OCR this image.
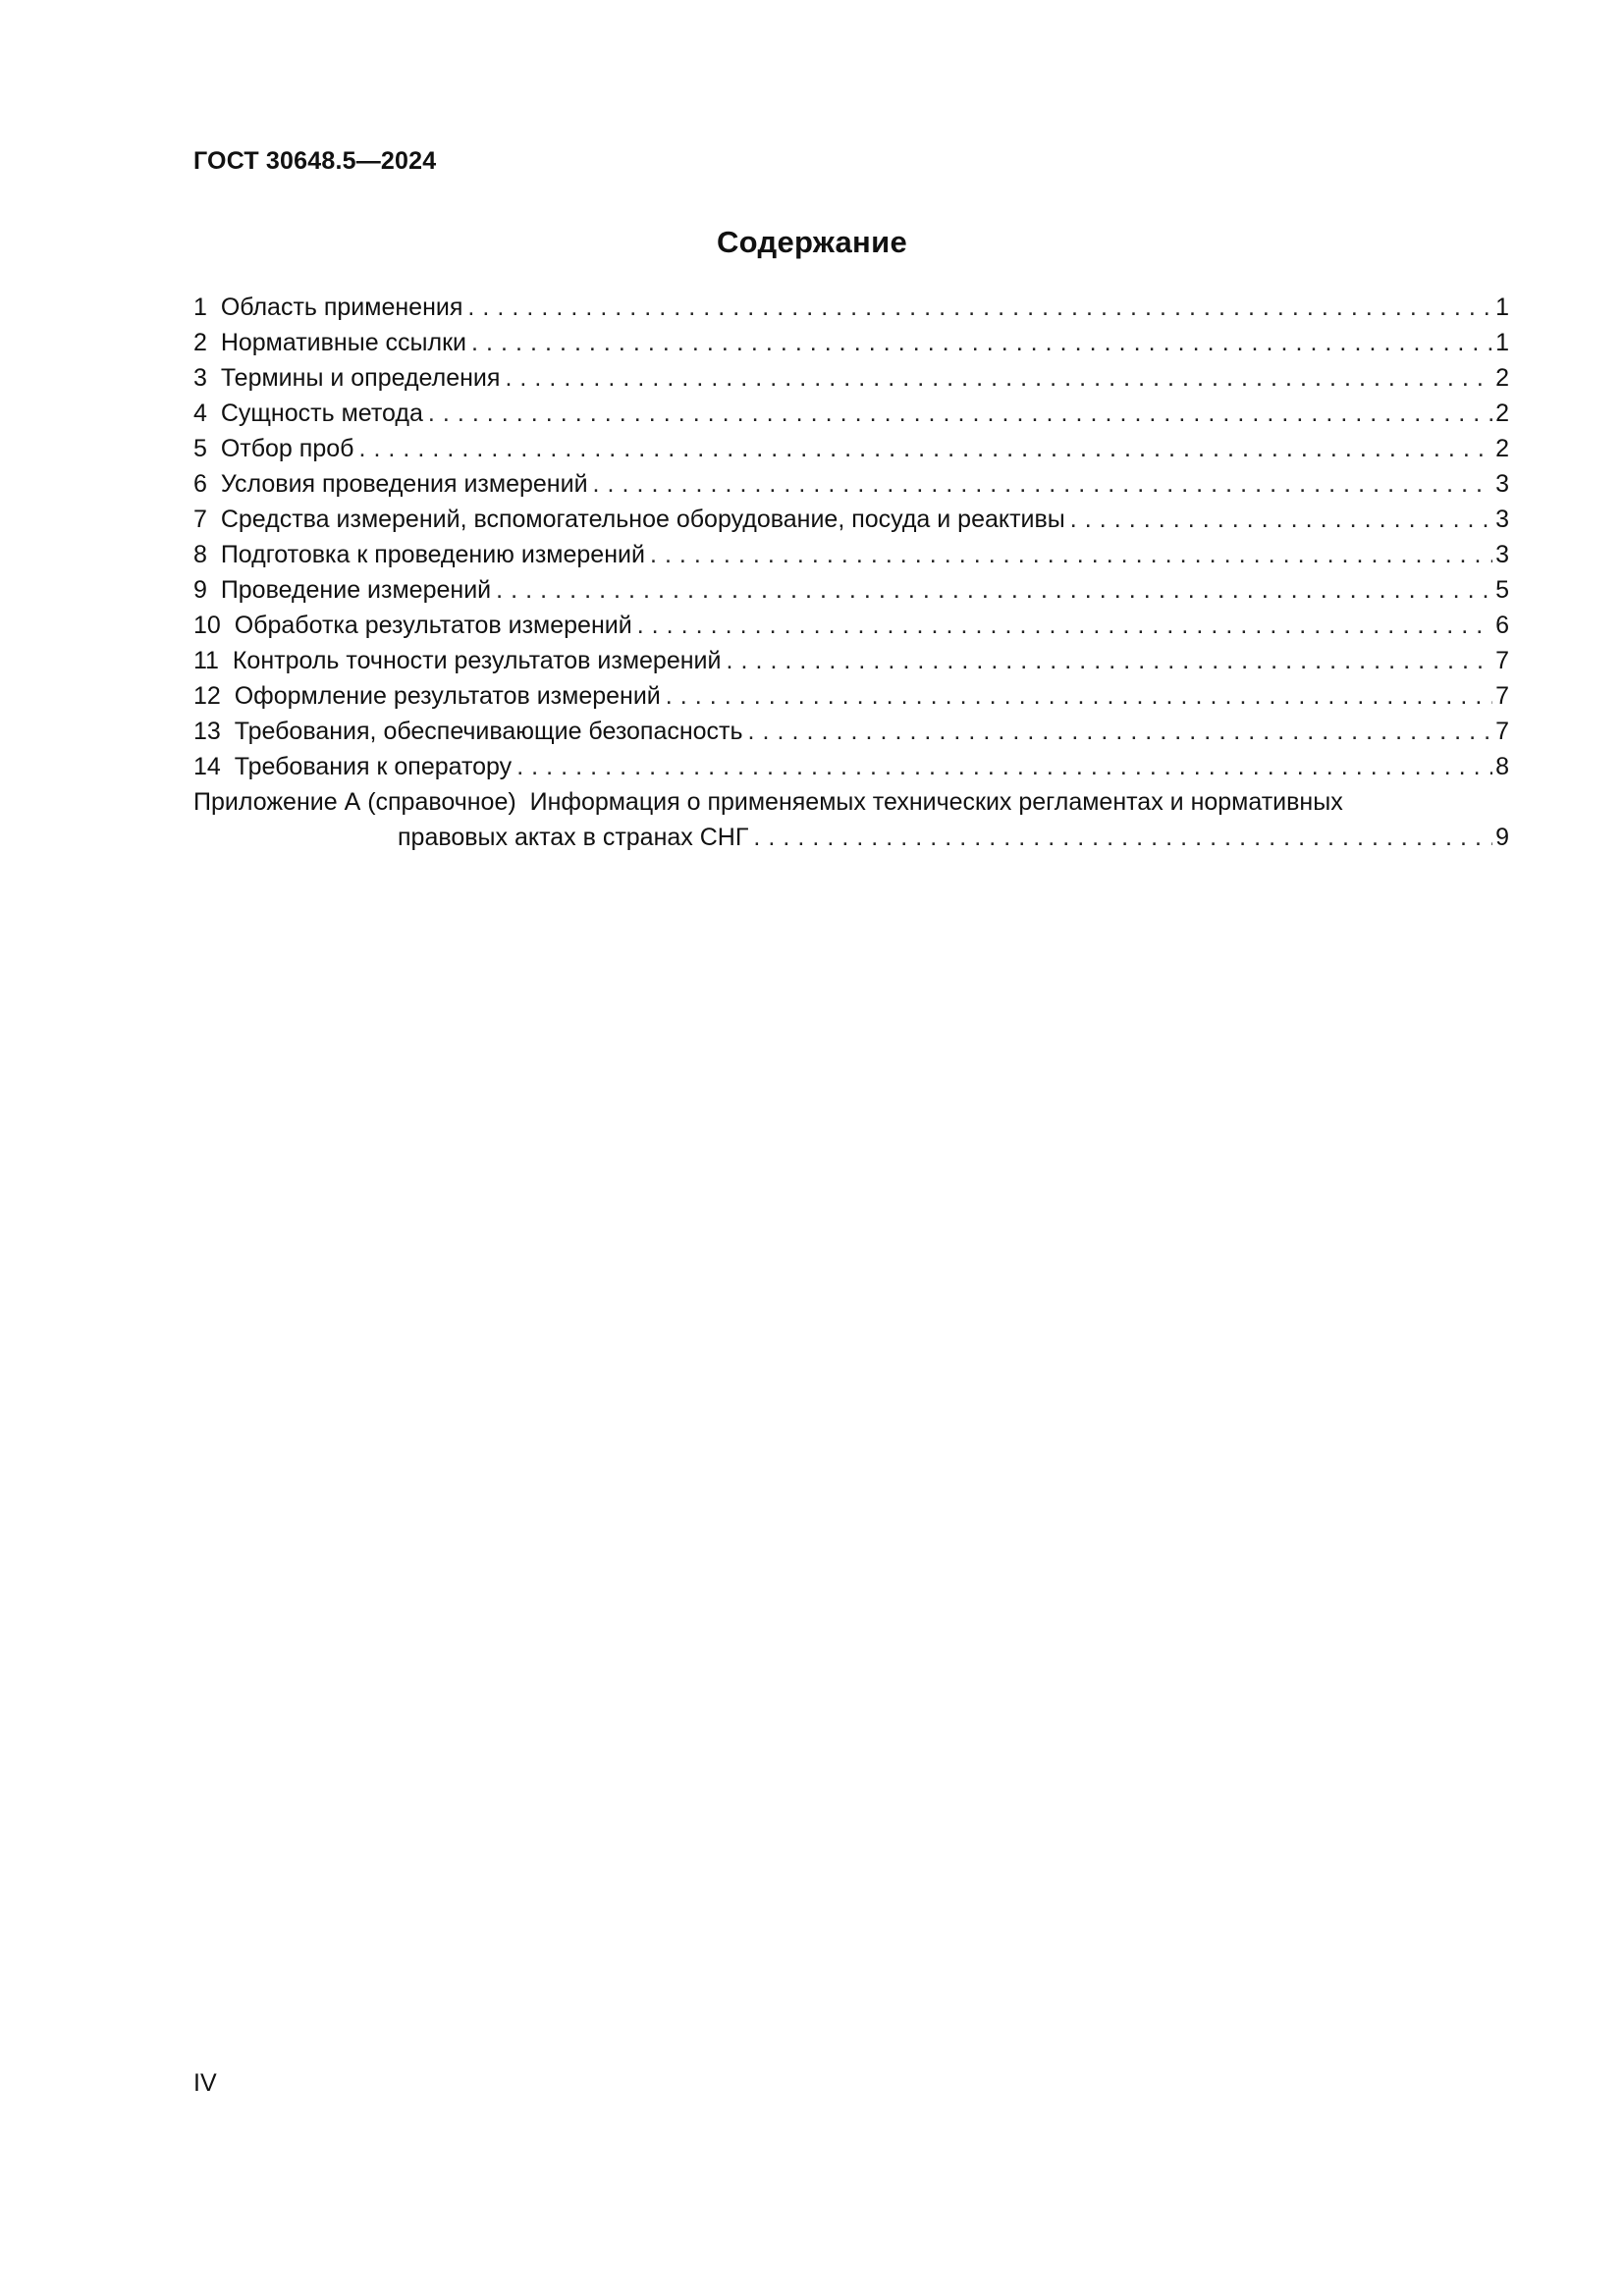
ГОСТ 30648.5—2024
Содержание
1 Область применения . . .	1
2 Нормативные ссылки . . .	1
3 Термины и определения . . .	2
4 Сущность метода . . .	2
5 Отбор проб . . .	2
6 Условия проведения измерений . . .	3
7 Средства измерений, вспомогательное оборудование, посуда и реактивы . . .	3
8 Подготовка к проведению измерений . . .	3
9 Проведение измерений . . .	5
10 Обработка результатов измерений . . .	6
11 Контроль точности результатов измерений . . .	7
12 Оформление результатов измерений . . .	7
13 Требования, обеспечивающие безопасность . . .	7
14 Требования к оператору . . .	8
Приложение А (справочное) Информация о применяемых технических регламентах и нормативных
правовых актах в странах СНГ . . .	9
IV
